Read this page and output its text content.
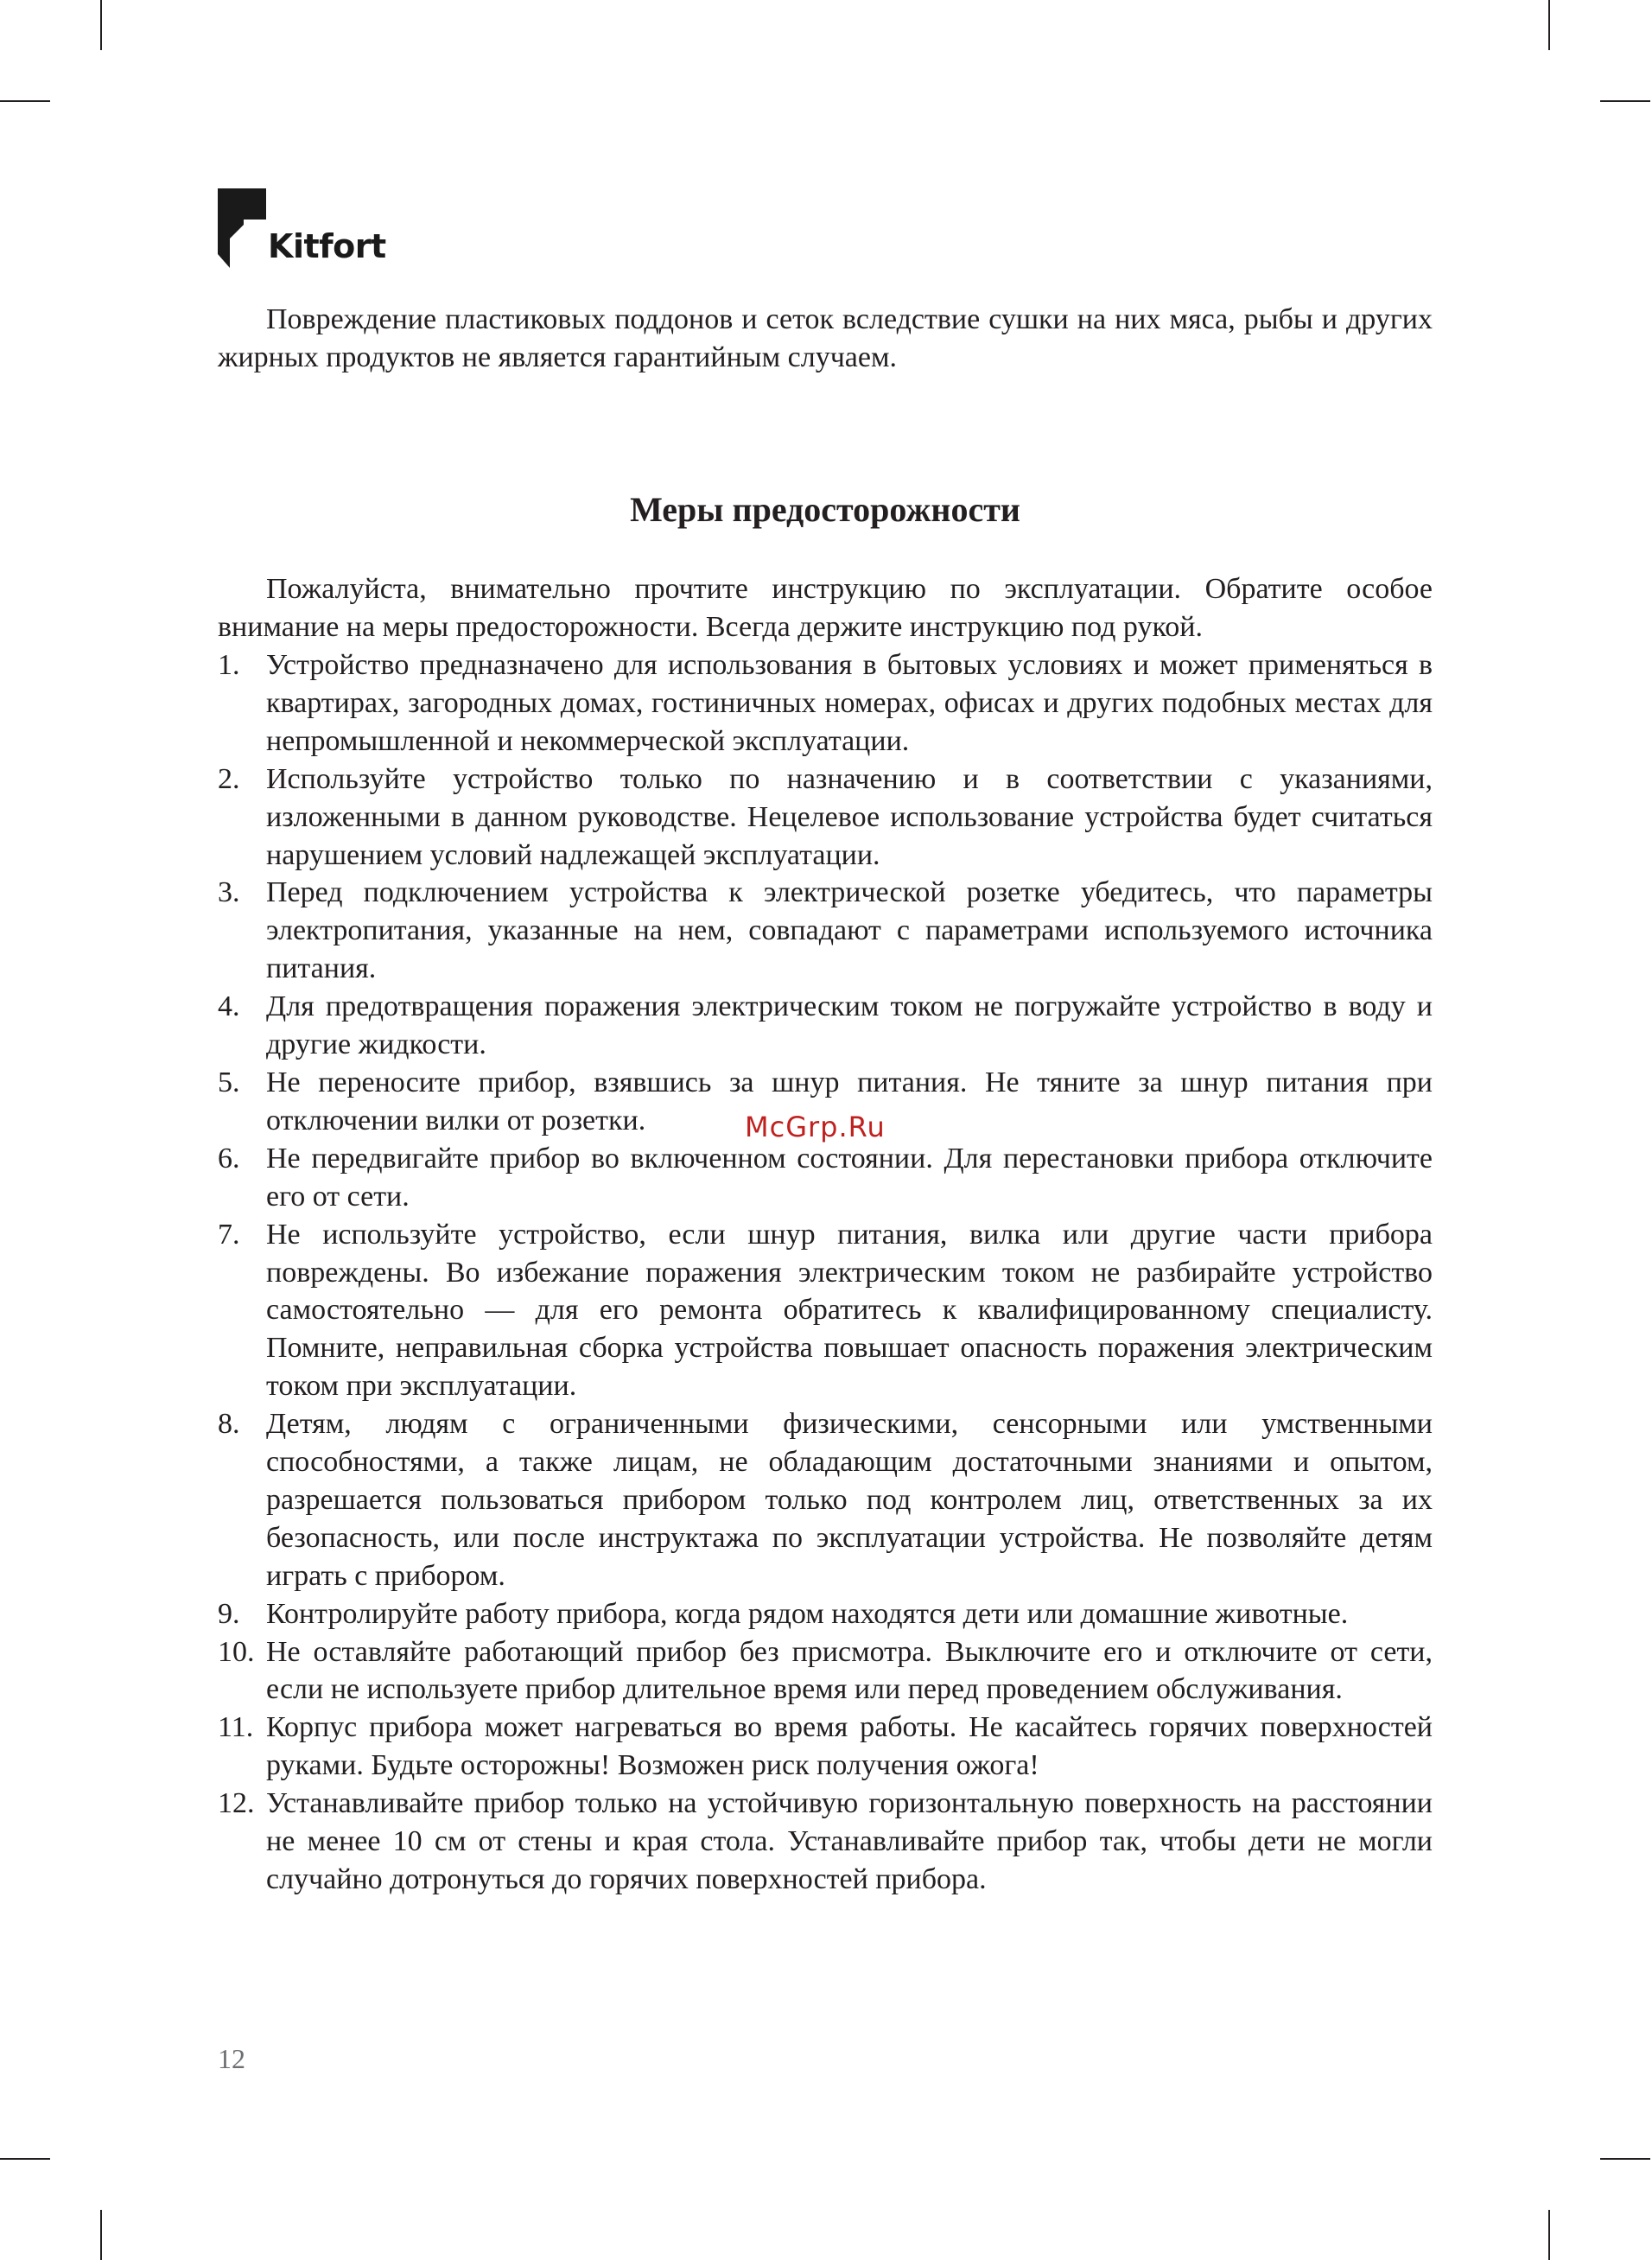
Kitfort

Повреждение пластиковых поддонов и сеток вследствие сушки на них мяса, рыбы и других жирных продуктов не является гарантийным случаем.

Меры предосторожности

Пожалуйста, внимательно прочтите инструкцию по эксплуатации. Обратите особое внимание на меры предосторожности. Всегда держите инструкцию под рукой.

1. Устройство предназначено для использования в бытовых условиях и может применяться в квартирах, загородных домах, гостиничных номерах, офисах и других подобных местах для непромышленной и некоммерческой эксплуатации.
2. Используйте устройство только по назначению и в соответствии с указаниями, изложенными в данном руководстве. Нецелевое использование устройства будет считаться нарушением условий надлежащей эксплуатации.
3. Перед подключением устройства к электрической розетке убедитесь, что параметры электропитания, указанные на нем, совпадают с параметрами используемого источника питания.
4. Для предотвращения поражения электрическим током не погружайте устройство в воду и другие жидкости.
5. Не переносите прибор, взявшись за шнур питания. Не тяните за шнур питания при отключении вилки от розетки.
6. Не передвигайте прибор во включенном состоянии. Для перестановки прибора отключите его от сети.
7. Не используйте устройство, если шнур питания, вилка или другие части прибора повреждены. Во избежание поражения электрическим током не разбирайте устройство самостоятельно — для его ремонта обратитесь к квалифицированному специалисту. Помните, неправильная сборка устройства повышает опасность поражения электрическим током при эксплуатации.
8. Детям, людям с ограниченными физическими, сенсорными или умственными способностями, а также лицам, не обладающим достаточными знаниями и опытом, разрешается пользоваться прибором только под контролем лиц, ответственных за их безопасность, или после инструктажа по эксплуатации устройства. Не позволяйте детям играть с прибором.
9. Контролируйте работу прибора, когда рядом находятся дети или домашние животные.
10. Не оставляйте работающий прибор без присмотра. Выключите его и отключите от сети, если не используете прибор длительное время или перед проведением обслуживания.
11. Корпус прибора может нагреваться во время работы. Не касайтесь горячих поверхностей руками. Будьте осторожны! Возможен риск получения ожога!
12. Устанавливайте прибор только на устойчивую горизонтальную поверхность на расстоянии не менее 10 см от стены и края стола. Устанавливайте прибор так, чтобы дети не могли случайно дотронуться до горячих поверхностей прибора.
McGrp.Ru
12
